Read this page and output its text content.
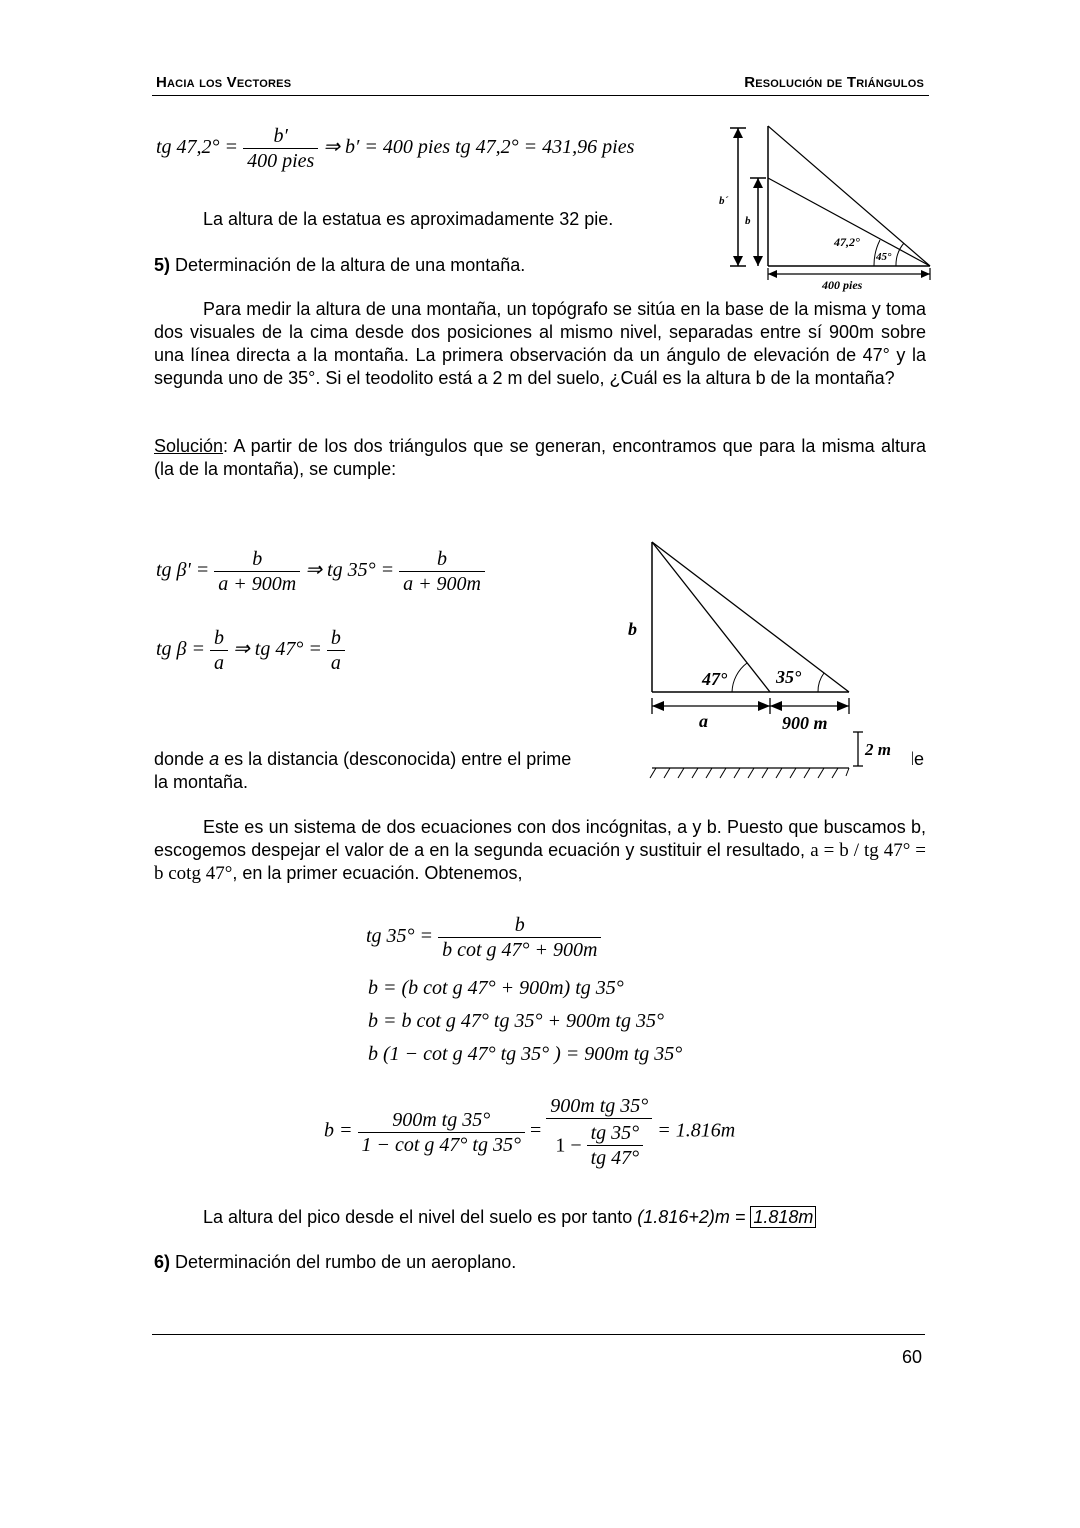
Hacia los Vectores	Resolución de Triángulos
tg $47,2^\circ = \frac{b'}{\text{400 pies}}$ ⇒ b′ = 400 pies tg 47,2° = 431,96 pies
La altura de la estatua es aproximadamente 32 pie.
5) Determinación de la altura de una montaña.
b´
b
47,2°
45°
400 pies
Para medir la altura de una montaña, un topógrafo se sitúa en la base de la misma y toma dos visuales de la cima desde dos posiciones al mismo nivel, separadas entre sí 900m sobre una línea directa a la montaña. La primera observación da un ángulo de elevación de 47° y la segunda uno de 35°. Si el teodolito está a 2 m del suelo, ¿Cuál es la altura b de la montaña?
Solución: A partir de los dos triángulos que se generan, encontramos que para la misma altura (la de la montaña), se cumple:
tg $\beta' = \frac{b}{a + 900m}$ ⇒ tg $35^\circ = \frac{b}{a + 900m}$
tg $\beta = \frac{b}{a}$ ⇒ tg $47^\circ = \frac{b}{a}$
donde a es la distancia (desconocida) entre el prime	de
la montaña.
b
47°	35°
a	900 m
2 m
Este es un sistema de dos ecuaciones con dos incógnitas, a y b. Puesto que buscamos b, escogemos despejar el valor de a en la segunda ecuación y sustituir el resultado, a = b / tg 47° = b cotg 47°, en la primer ecuación. Obtenemos,
tg $35^\circ = \frac{b}{\text{b cot g 47° + 900m}}$
b = (b cot g 47° + 900m) tg 35°
b = b cot g 47° tg 35° + 900m tg 35°
b (1 − cot g 47° tg 35° ) = 900m tg 35°
$b = \frac{\text{900m tg 35°}}{\text{1 − cot g 47° tg 35°}} = \frac{\text{900m tg 35°}}{1 - \frac{tg 35^\circ}{tg 47^\circ}} = 1.816m$
La altura del pico desde el nivel del suelo es por tanto (1.816+2)m = 1.818m
6) Determinación del rumbo de un aeroplano.
60
